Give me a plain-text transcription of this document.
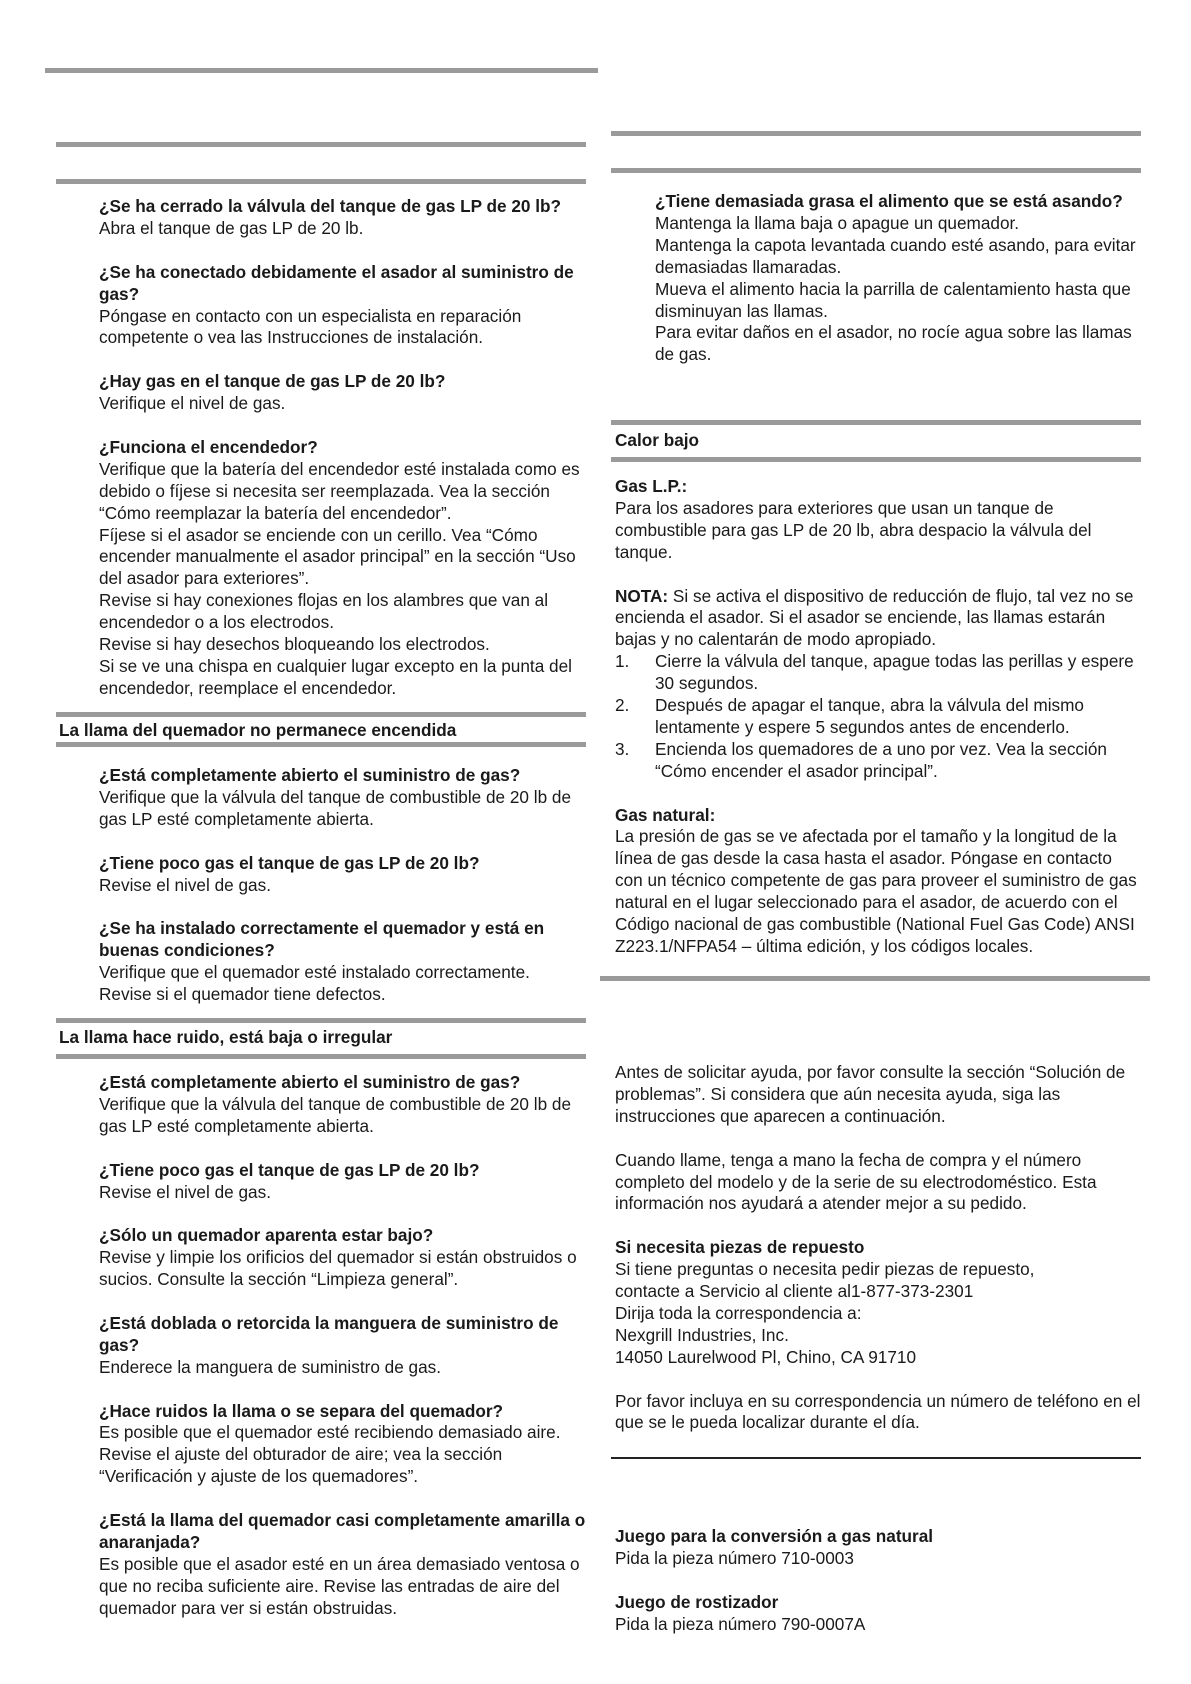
¿Se ha cerrado la válvula del tanque de gas LP de 20 lb?

Abra el tanque de gas LP de 20 lb.

¿Se ha conectado debidamente el asador al suministro de gas?

Póngase en contacto con un especialista en reparación competente o vea las Instrucciones de instalación.

¿Hay gas en el tanque de gas LP de 20 lb?

Verifique el nivel de gas.

¿Funciona el encendedor?

Verifique que la batería del encendedor esté instalada como es debido o fíjese si necesita ser reemplazada. Vea la sección “Cómo reemplazar la batería del encendedor”.

Fíjese si el asador se enciende con un cerillo. Vea “Cómo encender manualmente el asador principal” en la sección “Uso del asador para exteriores”.

Revise si hay conexiones flojas en los alambres que van al encendedor o a los electrodos.

Revise si hay desechos bloqueando los electrodos.

Si se ve una chispa en cualquier lugar excepto en la punta del encendedor, reemplace el encendedor.

La llama del quemador no permanece encendida
¿Está completamente abierto el suministro de gas?

Verifique que la válvula del tanque de combustible de 20 lb de gas LP esté completamente abierta.

¿Tiene poco gas el tanque de gas LP de 20 lb?

Revise el nivel de gas.

¿Se ha instalado correctamente el quemador y está en buenas condiciones?

Verifique que el quemador esté instalado correctamente.

Revise si el quemador tiene defectos.

La llama hace ruido, está baja o irregular
¿Está completamente abierto el suministro de gas?

Verifique que la válvula del tanque de combustible de 20 lb de gas LP esté completamente abierta.

¿Tiene poco gas el tanque de gas LP de 20 lb?

Revise el nivel de gas.

¿Sólo un quemador aparenta estar bajo?

Revise y limpie los orificios del quemador si están obstruidos o sucios. Consulte la sección “Limpieza general”.

¿Está doblada o retorcida la manguera de suministro de gas?

Enderece la manguera de suministro de gas.

¿Hace ruidos la llama o se separa del quemador?

Es posible que el quemador esté recibiendo demasiado aire. Revise el ajuste del obturador de aire; vea la sección “Verificación y ajuste de los quemadores”.

¿Está la llama del quemador casi completamente amarilla o anaranjada?

Es posible que el asador esté en un área demasiado ventosa o que no reciba suficiente aire. Revise las entradas de aire del quemador para ver si están obstruidas.

¿Tiene demasiada grasa el alimento que se está asando?

Mantenga la llama baja o apague un quemador.

Mantenga la capota levantada cuando esté asando, para evitar demasiadas llamaradas.

Mueva el alimento hacia la parrilla de calentamiento hasta que disminuyan las llamas.

Para evitar daños en el asador, no rocíe agua sobre las llamas de gas.

Calor bajo
Gas L.P.:

Para los asadores para exteriores que usan un tanque de combustible para gas LP de 20 lb, abra despacio la válvula del tanque.

NOTA: Si se activa el dispositivo de reducción de flujo, tal vez no se encienda el asador. Si el asador se enciende, las llamas estarán bajas y no calentarán de modo apropiado.

1.	Cierre la válvula del tanque, apague todas las perillas y espere 30 segundos.
2.	Después de apagar el tanque, abra la válvula del mismo lentamente y espere 5 segundos antes de encenderlo.
3.	Encienda los quemadores de a uno por vez. Vea la sección “Cómo encender el asador principal”.
Gas natural:

La presión de gas se ve afectada por el tamaño y la longitud de la línea de gas desde la casa hasta el asador. Póngase en contacto con un técnico competente de gas para proveer el suministro de gas natural en el lugar seleccionado para el asador, de acuerdo con el Código nacional de gas combustible (National Fuel Gas Code) ANSI Z223.1/NFPA54 – última edición, y los códigos locales.

Antes de solicitar ayuda, por favor consulte la sección “Solución de problemas”. Si considera que aún necesita ayuda, siga las instrucciones que aparecen a continuación.

Cuando llame, tenga a mano la fecha de compra y el número completo del modelo y de la serie de su electrodoméstico. Esta información nos ayudará a atender mejor a su pedido.

Si necesita piezas de repuesto
Si tiene preguntas o necesita pedir piezas de repuesto,
contacte a Servicio al cliente al1-877-373-2301
Dirija toda la correspondencia a:
Nexgrill Industries, Inc.
14050 Laurelwood Pl, Chino, CA 91710

Por favor incluya en su correspondencia un número de teléfono en el que se le pueda localizar durante el día.

Juego para la conversión a gas natural
Pida la pieza número 710-0003
Juego de rostizador
Pida la pieza número 790-0007A
